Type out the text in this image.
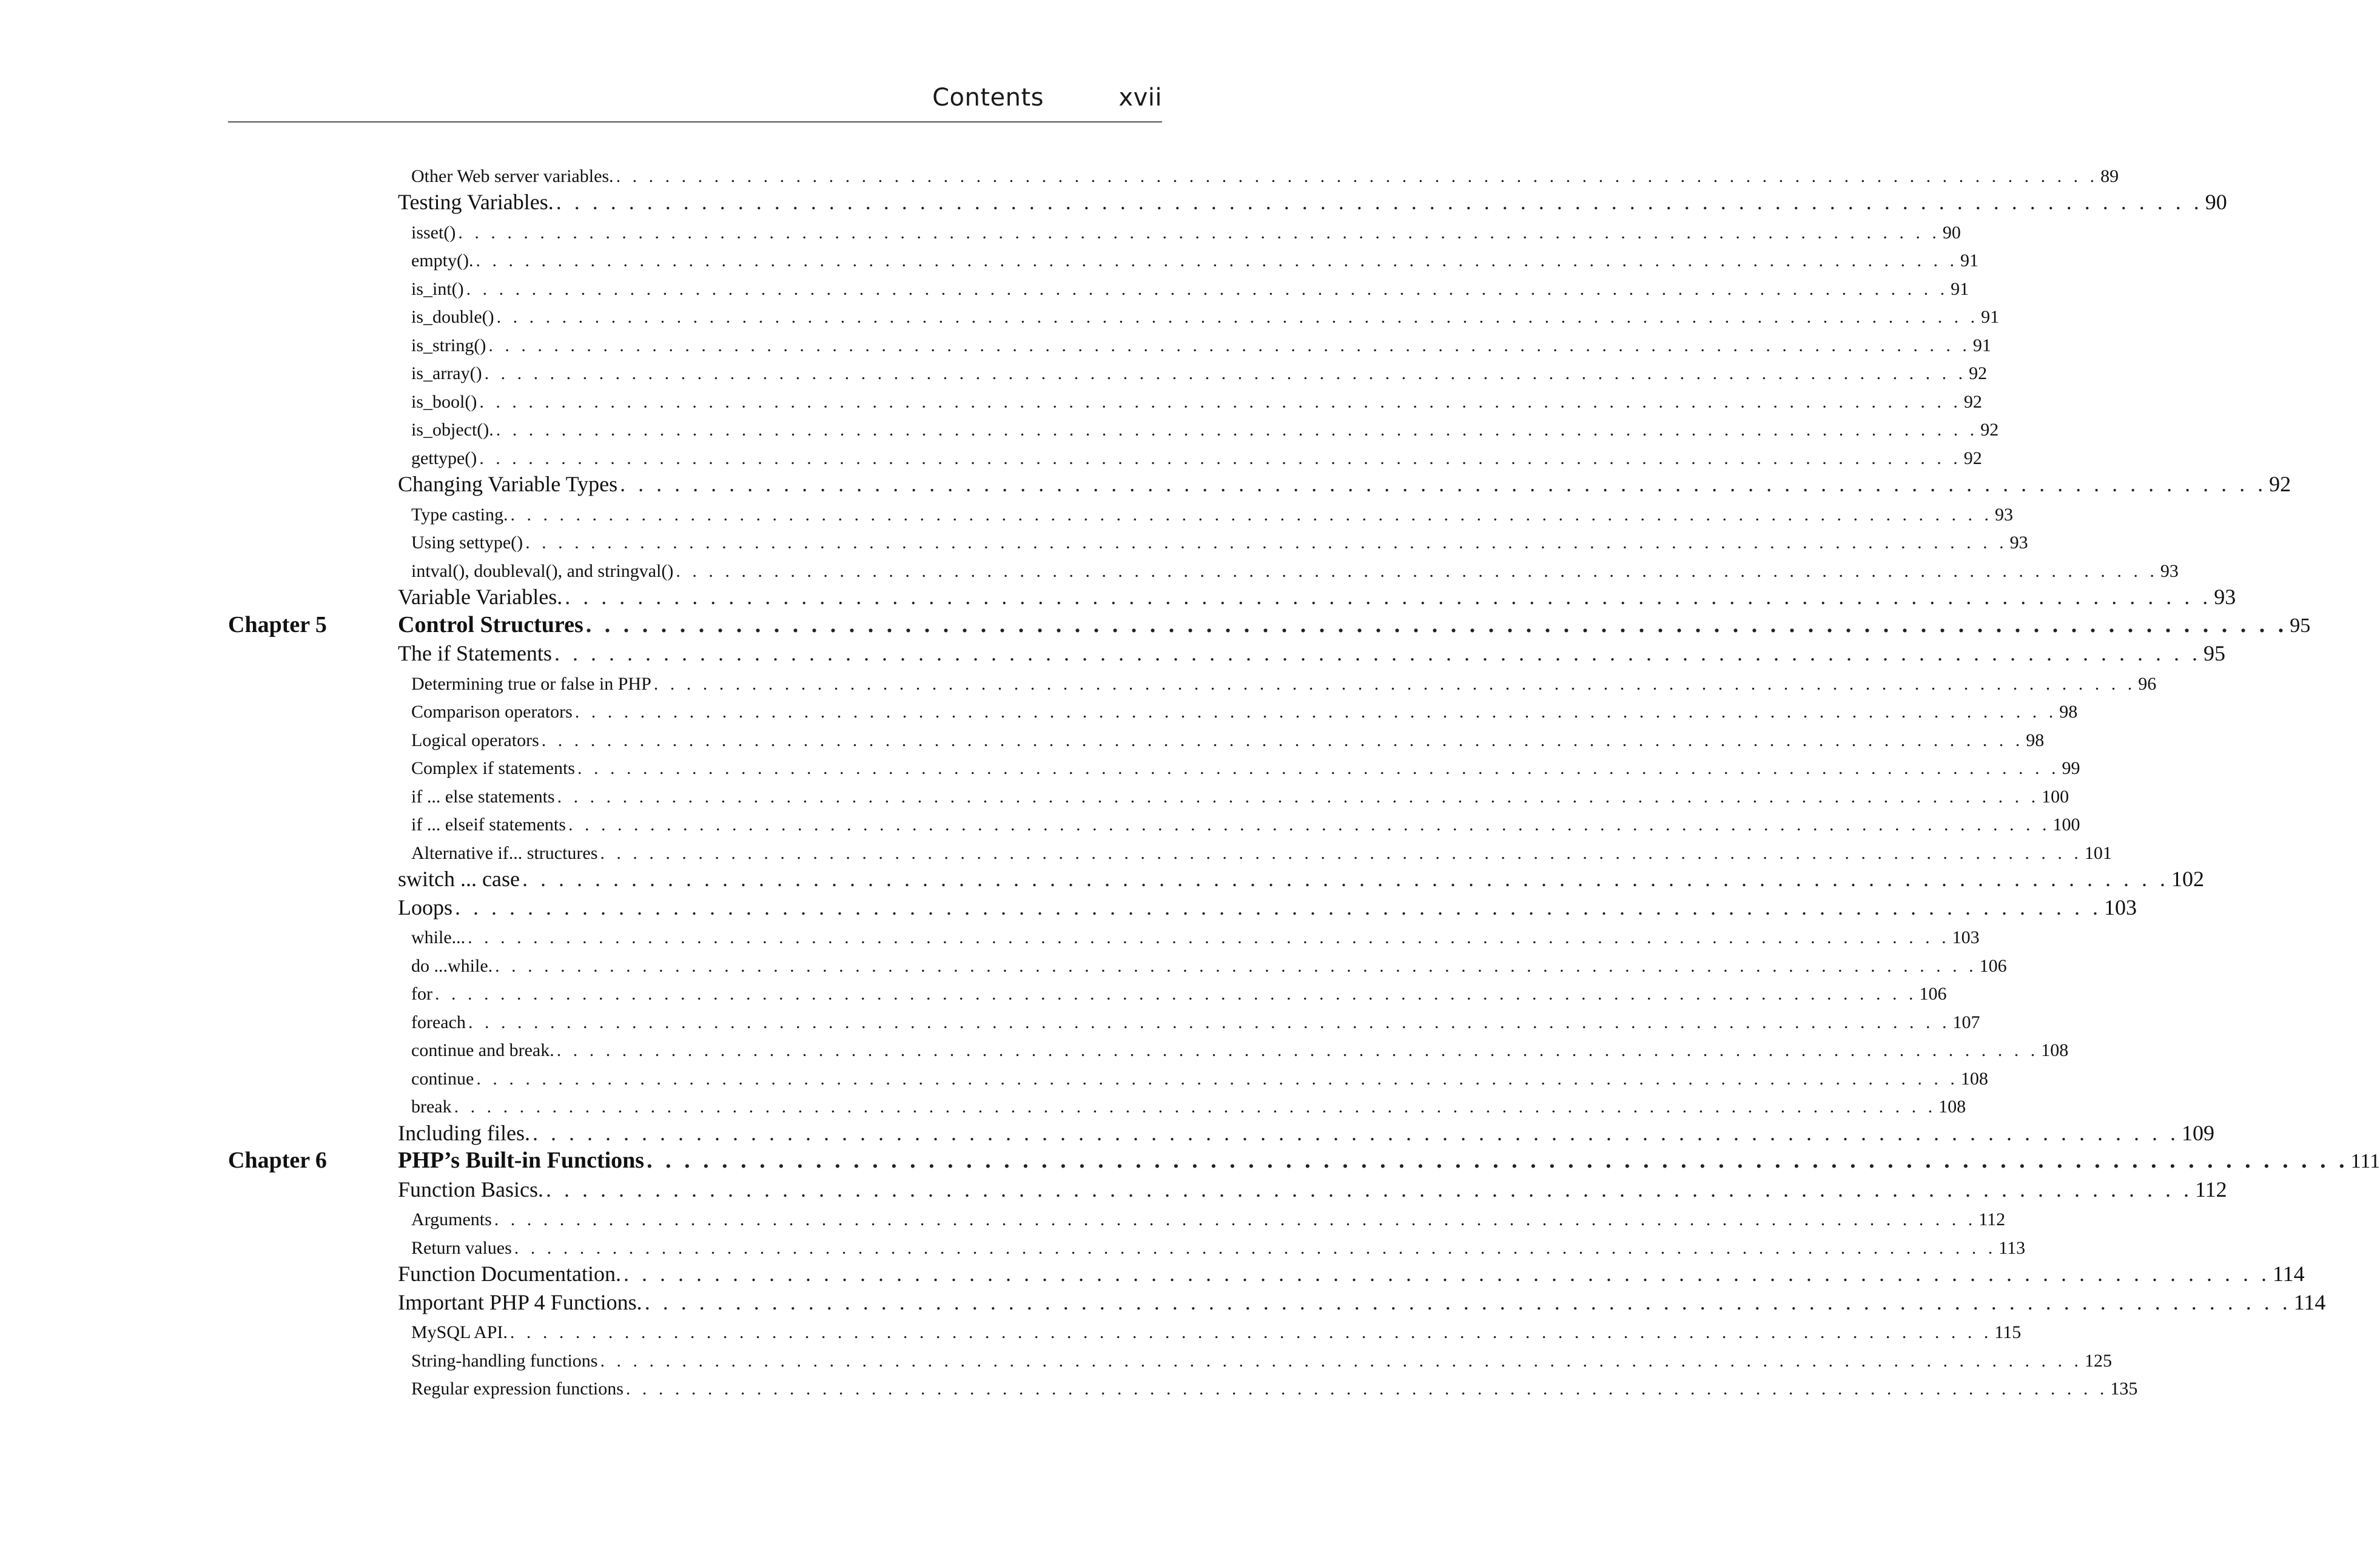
Contents	xvii
Other Web server variables. . . . . . . . . . . . . . . . . . . . . . . . . . . . . . . . . . . . . . . . . . . . . . . . . . . . . . . . . . . . . . . . . . . . . . . . . . . . . . . . . . . . . . . . . . . . 89
Testing Variables. . . . . . . . . . . . . . . . . . . . . . . . . . . . . . . . . . . . . . . . . . . . . . . . . . . . . . . . . . . . . . . . . . . . . . . . . . . . . . . . . . . . . . . . . . . . 90
isset() . . . . . . . . . . . . . . . . . . . . . . . . . . . . . . . . . . . . . . . . . . . . . . . . . . . . . . . . . . . . . . . . . . . . . . . . . . . . . . . . . . . . . . . . . . . 90
empty(). . . . . . . . . . . . . . . . . . . . . . . . . . . . . . . . . . . . . . . . . . . . . . . . . . . . . . . . . . . . . . . . . . . . . . . . . . . . . . . . . . . . . . . . . . . . 91
is_int() . . . . . . . . . . . . . . . . . . . . . . . . . . . . . . . . . . . . . . . . . . . . . . . . . . . . . . . . . . . . . . . . . . . . . . . . . . . . . . . . . . . . . . . . . . . 91
is_double() . . . . . . . . . . . . . . . . . . . . . . . . . . . . . . . . . . . . . . . . . . . . . . . . . . . . . . . . . . . . . . . . . . . . . . . . . . . . . . . . . . . . . . . . . . . 91
is_string() . . . . . . . . . . . . . . . . . . . . . . . . . . . . . . . . . . . . . . . . . . . . . . . . . . . . . . . . . . . . . . . . . . . . . . . . . . . . . . . . . . . . . . . . . . . 91
is_array() . . . . . . . . . . . . . . . . . . . . . . . . . . . . . . . . . . . . . . . . . . . . . . . . . . . . . . . . . . . . . . . . . . . . . . . . . . . . . . . . . . . . . . . . . . . 92
is_bool() . . . . . . . . . . . . . . . . . . . . . . . . . . . . . . . . . . . . . . . . . . . . . . . . . . . . . . . . . . . . . . . . . . . . . . . . . . . . . . . . . . . . . . . . . . . 92
is_object(). . . . . . . . . . . . . . . . . . . . . . . . . . . . . . . . . . . . . . . . . . . . . . . . . . . . . . . . . . . . . . . . . . . . . . . . . . . . . . . . . . . . . . . . . . . . 92
gettype() . . . . . . . . . . . . . . . . . . . . . . . . . . . . . . . . . . . . . . . . . . . . . . . . . . . . . . . . . . . . . . . . . . . . . . . . . . . . . . . . . . . . . . . . . . . 92
Changing Variable Types . . . . . . . . . . . . . . . . . . . . . . . . . . . . . . . . . . . . . . . . . . . . . . . . . . . . . . . . . . . . . . . . . . . . . . . . . . . . . . . . . . . . . . . . . . . 92
Type casting. . . . . . . . . . . . . . . . . . . . . . . . . . . . . . . . . . . . . . . . . . . . . . . . . . . . . . . . . . . . . . . . . . . . . . . . . . . . . . . . . . . . . . . . . . . . 93
Using settype() . . . . . . . . . . . . . . . . . . . . . . . . . . . . . . . . . . . . . . . . . . . . . . . . . . . . . . . . . . . . . . . . . . . . . . . . . . . . . . . . . . . . . . . . . . . 93
intval(), doubleval(), and stringval() . . . . . . . . . . . . . . . . . . . . . . . . . . . . . . . . . . . . . . . . . . . . . . . . . . . . . . . . . . . . . . . . . . . . . . . . . . . . . . . . . . . . . . . . . . . 93
Variable Variables. . . . . . . . . . . . . . . . . . . . . . . . . . . . . . . . . . . . . . . . . . . . . . . . . . . . . . . . . . . . . . . . . . . . . . . . . . . . . . . . . . . . . . . . . . . . 93
Chapter 5	Control Structures . . . . . . . . . . . . . . . . . . . . . . . . . . . . . . . . . . . . . . . . . . . . . . . . . . . . . . . . . . . . . . . . . . . . . . . . . . . . . . . . . . . . . . . . . . . 95
The if Statements . . . . . . . . . . . . . . . . . . . . . . . . . . . . . . . . . . . . . . . . . . . . . . . . . . . . . . . . . . . . . . . . . . . . . . . . . . . . . . . . . . . . . . . . . . . 95
Determining true or false in PHP . . . . . . . . . . . . . . . . . . . . . . . . . . . . . . . . . . . . . . . . . . . . . . . . . . . . . . . . . . . . . . . . . . . . . . . . . . . . . . . . . . . . . . . . . . . 96
Comparison operators . . . . . . . . . . . . . . . . . . . . . . . . . . . . . . . . . . . . . . . . . . . . . . . . . . . . . . . . . . . . . . . . . . . . . . . . . . . . . . . . . . . . . . . . . . . 98
Logical operators . . . . . . . . . . . . . . . . . . . . . . . . . . . . . . . . . . . . . . . . . . . . . . . . . . . . . . . . . . . . . . . . . . . . . . . . . . . . . . . . . . . . . . . . . . . 98
Complex if statements . . . . . . . . . . . . . . . . . . . . . . . . . . . . . . . . . . . . . . . . . . . . . . . . . . . . . . . . . . . . . . . . . . . . . . . . . . . . . . . . . . . . . . . . . . . 99
if ... else statements . . . . . . . . . . . . . . . . . . . . . . . . . . . . . . . . . . . . . . . . . . . . . . . . . . . . . . . . . . . . . . . . . . . . . . . . . . . . . . . . . . . . . . . . . . . 100
if ... elseif statements . . . . . . . . . . . . . . . . . . . . . . . . . . . . . . . . . . . . . . . . . . . . . . . . . . . . . . . . . . . . . . . . . . . . . . . . . . . . . . . . . . . . . . . . . . . 100
Alternative if... structures . . . . . . . . . . . . . . . . . . . . . . . . . . . . . . . . . . . . . . . . . . . . . . . . . . . . . . . . . . . . . . . . . . . . . . . . . . . . . . . . . . . . . . . . . . . 101
switch ... case . . . . . . . . . . . . . . . . . . . . . . . . . . . . . . . . . . . . . . . . . . . . . . . . . . . . . . . . . . . . . . . . . . . . . . . . . . . . . . . . . . . . . . . . . . . 102
Loops . . . . . . . . . . . . . . . . . . . . . . . . . . . . . . . . . . . . . . . . . . . . . . . . . . . . . . . . . . . . . . . . . . . . . . . . . . . . . . . . . . . . . . . . . . . 103
while... . . . . . . . . . . . . . . . . . . . . . . . . . . . . . . . . . . . . . . . . . . . . . . . . . . . . . . . . . . . . . . . . . . . . . . . . . . . . . . . . . . . . . . . . . . . 103
do ...while. . . . . . . . . . . . . . . . . . . . . . . . . . . . . . . . . . . . . . . . . . . . . . . . . . . . . . . . . . . . . . . . . . . . . . . . . . . . . . . . . . . . . . . . . . . . 106
for . . . . . . . . . . . . . . . . . . . . . . . . . . . . . . . . . . . . . . . . . . . . . . . . . . . . . . . . . . . . . . . . . . . . . . . . . . . . . . . . . . . . . . . . . . . 106
foreach . . . . . . . . . . . . . . . . . . . . . . . . . . . . . . . . . . . . . . . . . . . . . . . . . . . . . . . . . . . . . . . . . . . . . . . . . . . . . . . . . . . . . . . . . . . 107
continue and break. . . . . . . . . . . . . . . . . . . . . . . . . . . . . . . . . . . . . . . . . . . . . . . . . . . . . . . . . . . . . . . . . . . . . . . . . . . . . . . . . . . . . . . . . . . . 108
continue . . . . . . . . . . . . . . . . . . . . . . . . . . . . . . . . . . . . . . . . . . . . . . . . . . . . . . . . . . . . . . . . . . . . . . . . . . . . . . . . . . . . . . . . . . . 108
break . . . . . . . . . . . . . . . . . . . . . . . . . . . . . . . . . . . . . . . . . . . . . . . . . . . . . . . . . . . . . . . . . . . . . . . . . . . . . . . . . . . . . . . . . . . 108
Including files. . . . . . . . . . . . . . . . . . . . . . . . . . . . . . . . . . . . . . . . . . . . . . . . . . . . . . . . . . . . . . . . . . . . . . . . . . . . . . . . . . . . . . . . . . . . 109
Chapter 6	PHP’s Built-in Functions . . . . . . . . . . . . . . . . . . . . . . . . . . . . . . . . . . . . . . . . . . . . . . . . . . . . . . . . . . . . . . . . . . . . . . . . . . . . . . . . . . . . . . . . . . . 111
Function Basics. . . . . . . . . . . . . . . . . . . . . . . . . . . . . . . . . . . . . . . . . . . . . . . . . . . . . . . . . . . . . . . . . . . . . . . . . . . . . . . . . . . . . . . . . . . . 112
Arguments . . . . . . . . . . . . . . . . . . . . . . . . . . . . . . . . . . . . . . . . . . . . . . . . . . . . . . . . . . . . . . . . . . . . . . . . . . . . . . . . . . . . . . . . . . . 112
Return values . . . . . . . . . . . . . . . . . . . . . . . . . . . . . . . . . . . . . . . . . . . . . . . . . . . . . . . . . . . . . . . . . . . . . . . . . . . . . . . . . . . . . . . . . . . 113
Function Documentation. . . . . . . . . . . . . . . . . . . . . . . . . . . . . . . . . . . . . . . . . . . . . . . . . . . . . . . . . . . . . . . . . . . . . . . . . . . . . . . . . . . . . . . . . . . . 114
Important PHP 4 Functions. . . . . . . . . . . . . . . . . . . . . . . . . . . . . . . . . . . . . . . . . . . . . . . . . . . . . . . . . . . . . . . . . . . . . . . . . . . . . . . . . . . . . . . . . . . . 114
MySQL API. . . . . . . . . . . . . . . . . . . . . . . . . . . . . . . . . . . . . . . . . . . . . . . . . . . . . . . . . . . . . . . . . . . . . . . . . . . . . . . . . . . . . . . . . . . . 115
String-handling functions . . . . . . . . . . . . . . . . . . . . . . . . . . . . . . . . . . . . . . . . . . . . . . . . . . . . . . . . . . . . . . . . . . . . . . . . . . . . . . . . . . . . . . . . . . . 125
Regular expression functions . . . . . . . . . . . . . . . . . . . . . . . . . . . . . . . . . . . . . . . . . . . . . . . . . . . . . . . . . . . . . . . . . . . . . . . . . . . . . . . . . . . . . . . . . . . 135
